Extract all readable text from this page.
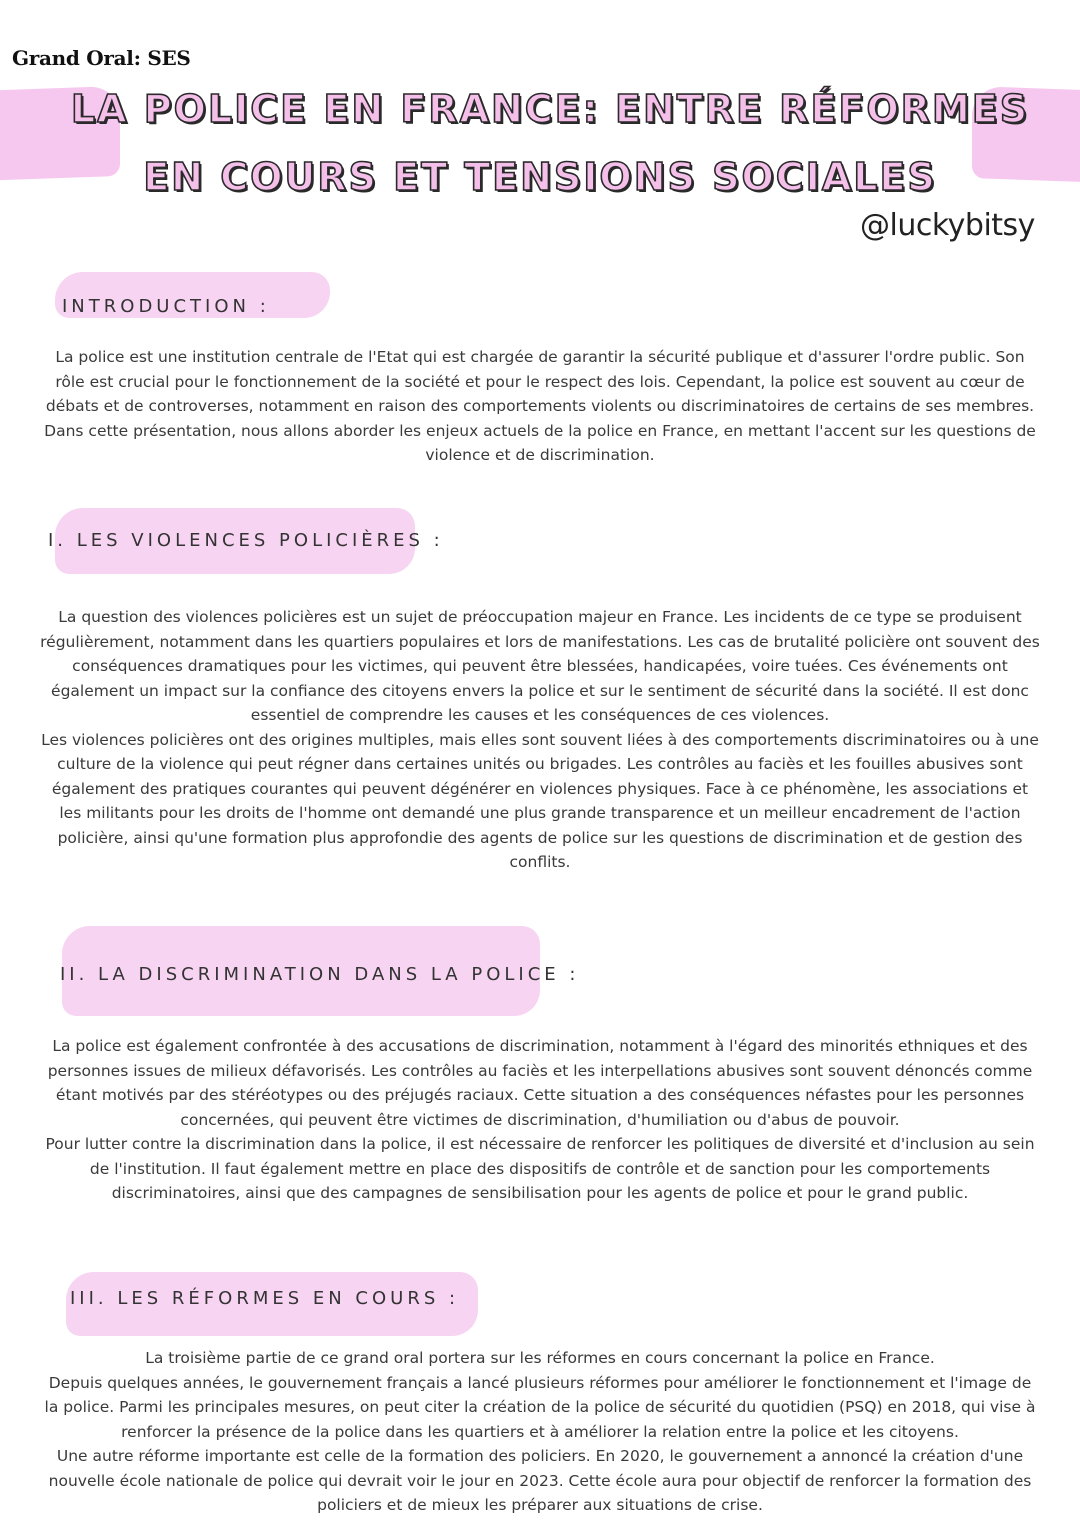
Grand Oral: SES
LA POLICE EN FRANCE: ENTRE RÉFORMES
EN COURS ET TENSIONS SOCIALES
@luckybitsy
INTRODUCTION :

La police est une institution centrale de l'Etat qui est chargée de garantir la sécurité publique et d'assurer l'ordre public. Son rôle est crucial pour le fonctionnement de la société et pour le respect des lois. Cependant, la police est souvent au cœur de débats et de controverses, notamment en raison des comportements violents ou discriminatoires de certains de ses membres. Dans cette présentation, nous allons aborder les enjeux actuels de la police en France, en mettant l'accent sur les questions de violence et de discrimination.

I. LES VIOLENCES POLICIÈRES :

La question des violences policières est un sujet de préoccupation majeur en France. Les incidents de ce type se produisent régulièrement, notamment dans les quartiers populaires et lors de manifestations. Les cas de brutalité policière ont souvent des conséquences dramatiques pour les victimes, qui peuvent être blessées, handicapées, voire tuées. Ces événements ont également un impact sur la confiance des citoyens envers la police et sur le sentiment de sécurité dans la société. Il est donc essentiel de comprendre les causes et les conséquences de ces violences.

Les violences policières ont des origines multiples, mais elles sont souvent liées à des comportements discriminatoires ou à une culture de la violence qui peut régner dans certaines unités ou brigades. Les contrôles au faciès et les fouilles abusives sont également des pratiques courantes qui peuvent dégénérer en violences physiques. Face à ce phénomène, les associations et les militants pour les droits de l'homme ont demandé une plus grande transparence et un meilleur encadrement de l'action policière, ainsi qu'une formation plus approfondie des agents de police sur les questions de discrimination et de gestion des conflits.

II. LA DISCRIMINATION DANS LA POLICE :

La police est également confrontée à des accusations de discrimination, notamment à l'égard des minorités ethniques et des personnes issues de milieux défavorisés. Les contrôles au faciès et les interpellations abusives sont souvent dénoncés comme étant motivés par des stéréotypes ou des préjugés raciaux. Cette situation a des conséquences néfastes pour les personnes concernées, qui peuvent être victimes de discrimination, d'humiliation ou d'abus de pouvoir.

Pour lutter contre la discrimination dans la police, il est nécessaire de renforcer les politiques de diversité et d'inclusion au sein de l'institution. Il faut également mettre en place des dispositifs de contrôle et de sanction pour les comportements discriminatoires, ainsi que des campagnes de sensibilisation pour les agents de police et pour le grand public.

III. LES RÉFORMES EN COURS :

La troisième partie de ce grand oral portera sur les réformes en cours concernant la police en France.

Depuis quelques années, le gouvernement français a lancé plusieurs réformes pour améliorer le fonctionnement et l'image de la police. Parmi les principales mesures, on peut citer la création de la police de sécurité du quotidien (PSQ) en 2018, qui vise à renforcer la présence de la police dans les quartiers et à améliorer la relation entre la police et les citoyens.

Une autre réforme importante est celle de la formation des policiers. En 2020, le gouvernement a annoncé la création d'une nouvelle école nationale de police qui devrait voir le jour en 2023. Cette école aura pour objectif de renforcer la formation des policiers et de mieux les préparer aux situations de crise.
